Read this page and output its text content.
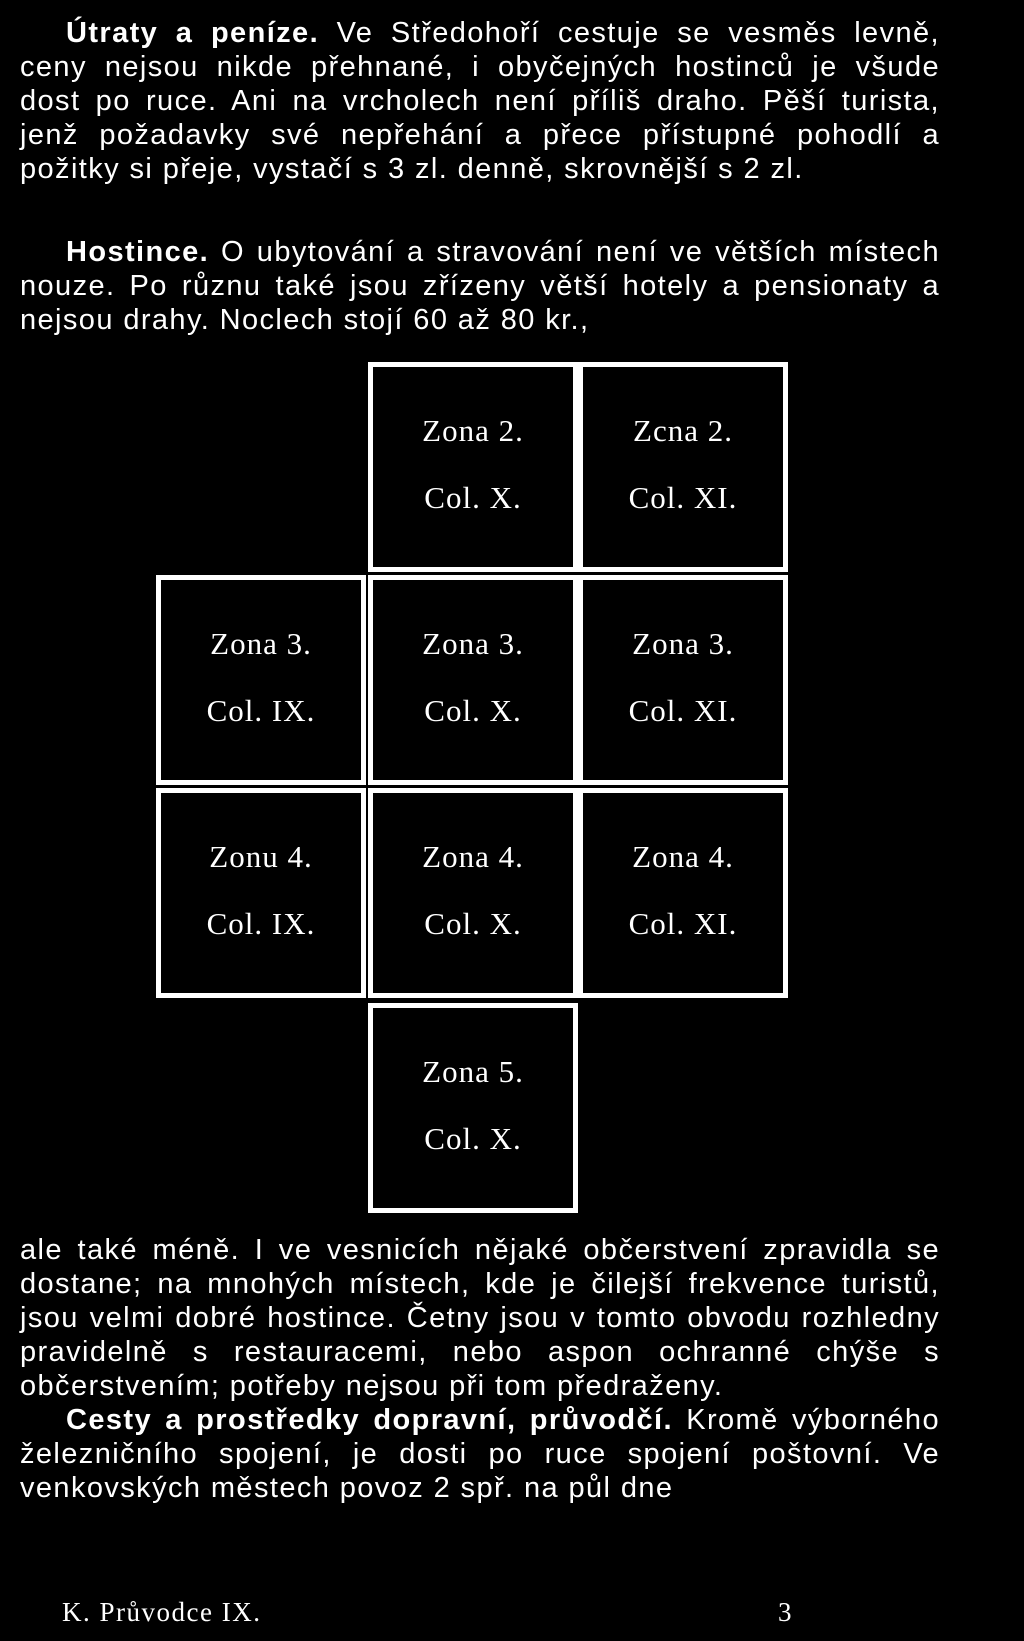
Útraty a peníze. Ve Středohoří cestuje se vesměs levně, ceny nejsou nikde přehnané, i obyčejných hostinců je všude dost po ruce. Ani na vrcholech není příliš draho. Pěší turista, jenž požadavky své nepřehání a přece přístupné pohodlí a požitky si přeje, vystačí s 3 zl. denně, skrovnější s 2 zl.
Hostince. O ubytování a stravování není ve větších místech nouze. Po různu také jsou zřízeny větší hotely a pensionaty a nejsou drahy. Noclech stojí 60 až 80 kr.,
Zona 2.
Col. X.
Zcna 2.
Col. XI.
Zona 3.
Col. IX.
Zona 3.
Col. X.
Zona 3.
Col. XI.
Zonu 4.
Col. IX.
Zona 4.
Col. X.
Zona 4.
Col. XI.
Zona 5.
Col. X.
ale také méně. I ve vesnicích nějaké občerstvení zpravidla se dostane; na mnohých místech, kde je čilejší frekvence turistů, jsou velmi dobré hostince. Četny jsou v tomto obvodu rozhledny pravidelně s restauracemi, nebo aspon ochranné chýše s občerstvením; potřeby nejsou při tom předraženy.
Cesty a prostředky dopravní, průvodčí. Kromě výborného železničního spojení, je dosti po ruce spojení poštovní. Ve venkovských městech povoz 2 spř. na půl dne
K. Průvodce IX.	3
